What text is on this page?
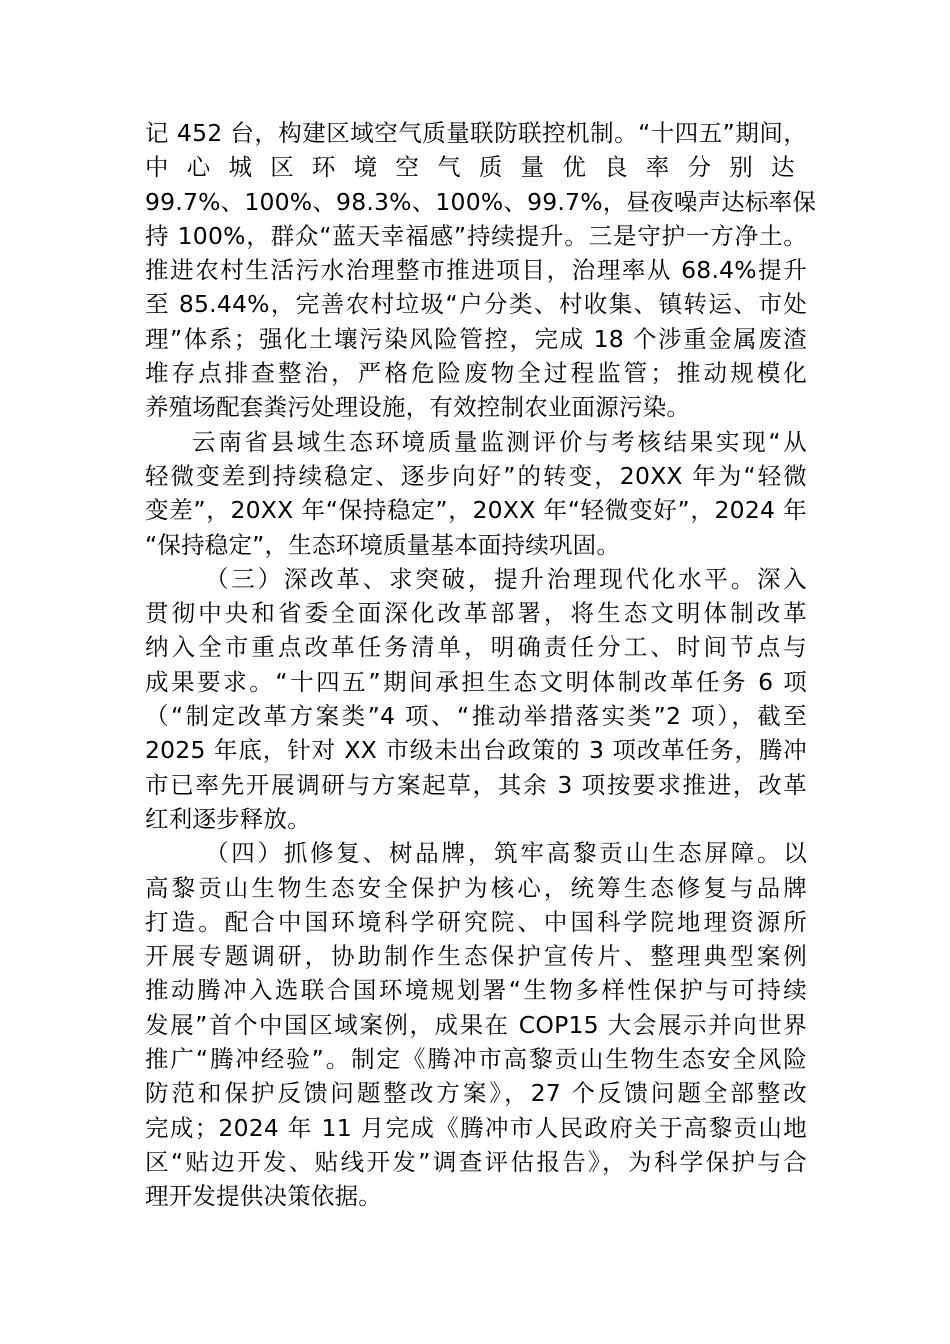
记 452 台，构建区域空气质量联防联控机制。“十四五”期间，
中心城区环境空气质量优良率分别达
99.7%、100%、98.3%、100%、99.7%，昼夜噪声达标率保
持 100%，群众“蓝天幸福感”持续提升。三是守护一方净土。
推进农村生活污水治理整市推进项目，治理率从 68.4%提升
至 85.44%，完善农村垃圾“户分类、村收集、镇转运、市处
理”体系；强化土壤污染风险管控，完成 18 个涉重金属废渣
堆存点排查整治，严格危险废物全过程监管；推动规模化
养殖场配套粪污处理设施，有效控制农业面源污染。
云南省县域生态环境质量监测评价与考核结果实现“从
轻微变差到持续稳定、逐步向好”的转变，20XX 年为“轻微
变差”，20XX 年“保持稳定”，20XX 年“轻微变好”，2024 年
“保持稳定”，生态环境质量基本面持续巩固。
（三）深改革、求突破，提升治理现代化水平。深入
贯彻中央和省委全面深化改革部署，将生态文明体制改革
纳入全市重点改革任务清单，明确责任分工、时间节点与
成果要求。“十四五”期间承担生态文明体制改革任务 6 项
（“制定改革方案类”4 项、“推动举措落实类”2 项），截至
2025 年底，针对 XX 市级未出台政策的 3 项改革任务，腾冲
市已率先开展调研与方案起草，其余 3 项按要求推进，改革
红利逐步释放。
（四）抓修复、树品牌，筑牢高黎贡山生态屏障。以
高黎贡山生物生态安全保护为核心，统筹生态修复与品牌
打造。配合中国环境科学研究院、中国科学院地理资源所
开展专题调研，协助制作生态保护宣传片、整理典型案例
推动腾冲入选联合国环境规划署“生物多样性保护与可持续
发展”首个中国区域案例，成果在 COP15 大会展示并向世界
推广“腾冲经验”。制定《腾冲市高黎贡山生物生态安全风险
防范和保护反馈问题整改方案》，27 个反馈问题全部整改
完成；2024 年 11 月完成《腾冲市人民政府关于高黎贡山地
区“贴边开发、贴线开发”调查评估报告》，为科学保护与合
理开发提供决策依据。
